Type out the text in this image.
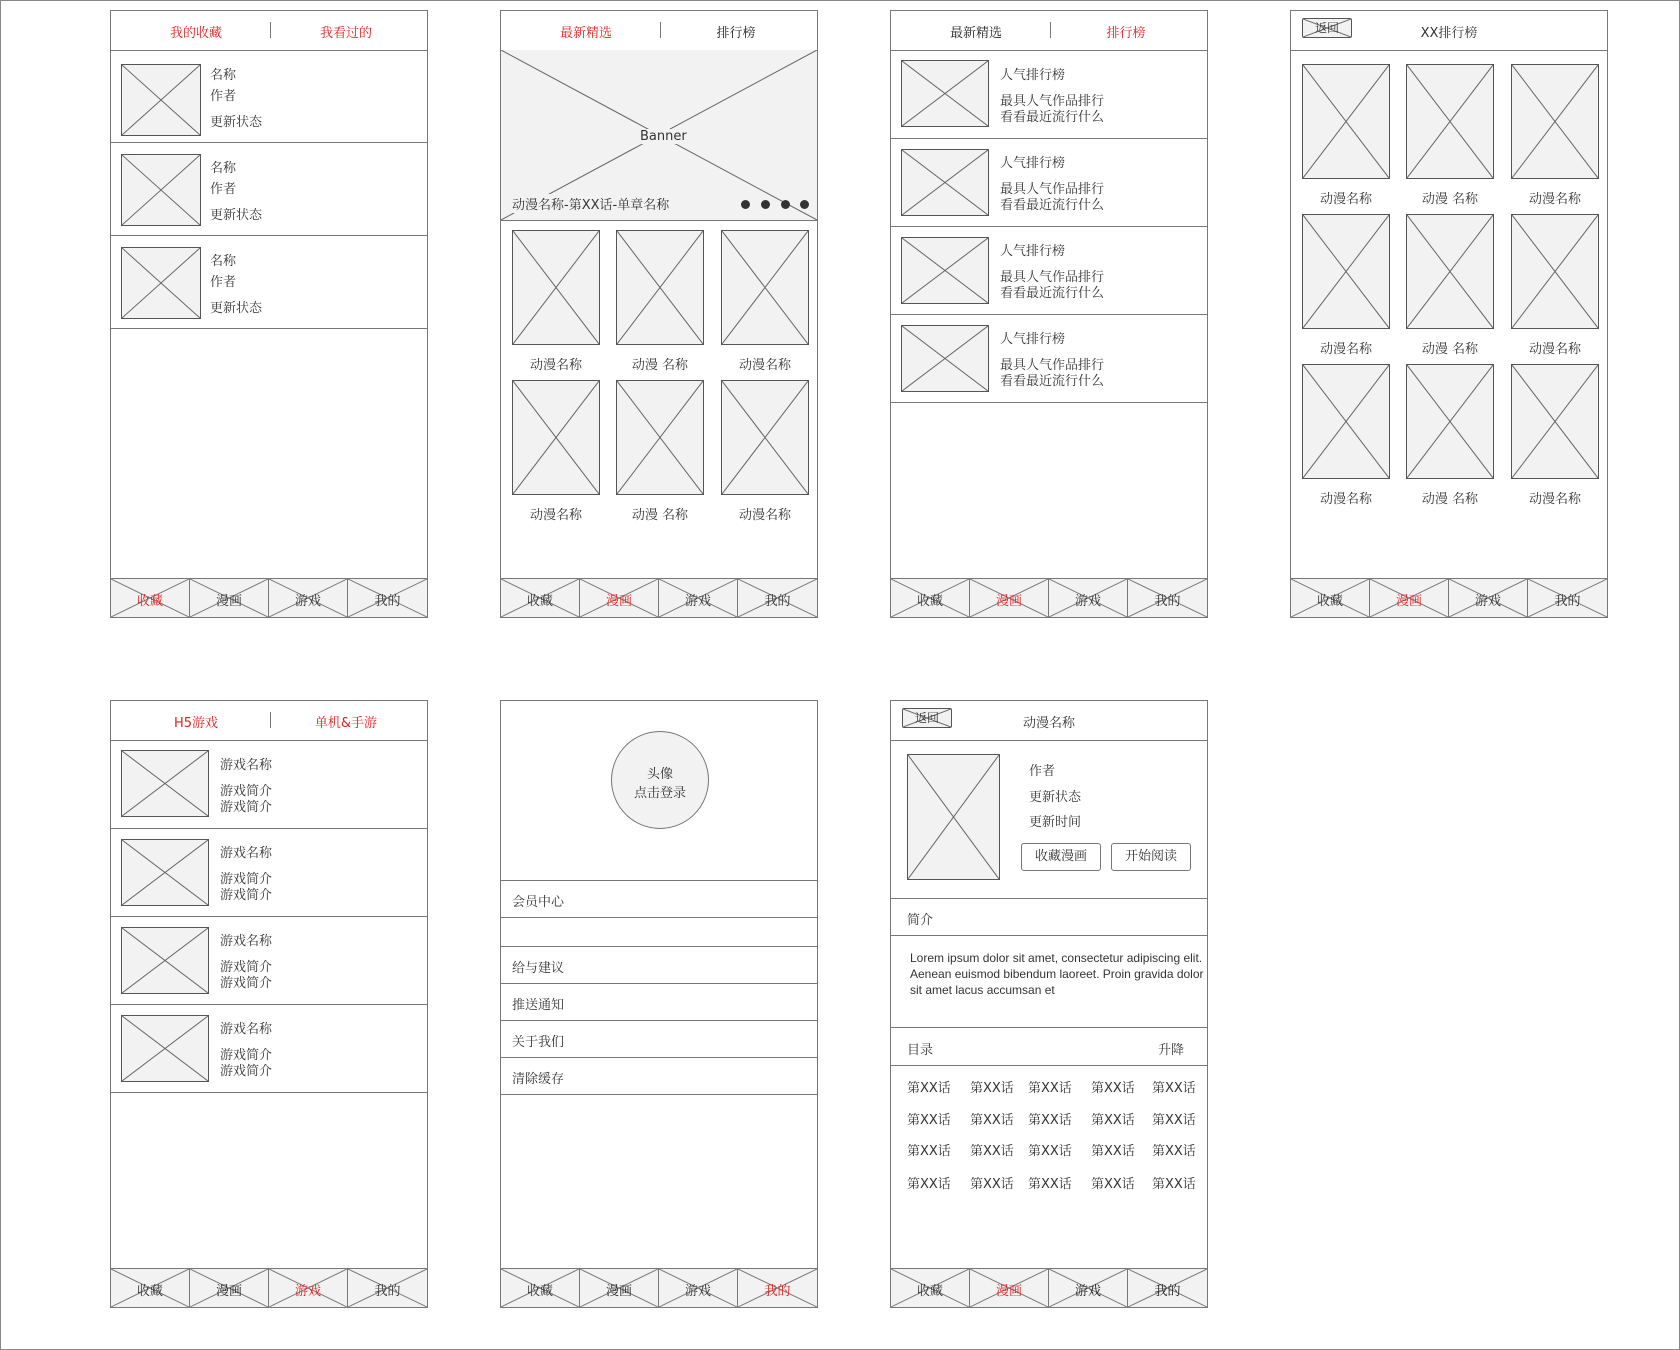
我的收藏	我看过的
名称
作者
更新状态
名称
作者
更新状态
名称
作者
更新状态
收藏	漫画	游戏	我的
最新精选	排行榜
Banner
动漫名称-第XX话-单章名称
动漫名称	动漫 名称	动漫名称
动漫名称	动漫 名称	动漫名称
收藏	漫画	游戏	我的
最新精选	排行榜
人气排行榜
最具人气作品排行
看看最近流行什么
人气排行榜
最具人气作品排行
看看最近流行什么
人气排行榜
最具人气作品排行
看看最近流行什么
人气排行榜
最具人气作品排行
看看最近流行什么
收藏	漫画	游戏	我的
返回	XX排行榜
动漫名称	动漫 名称	动漫名称
动漫名称	动漫 名称	动漫名称
动漫名称	动漫 名称	动漫名称
收藏	漫画	游戏	我的
H5游戏	单机&手游
游戏名称
游戏简介
游戏简介
游戏名称
游戏简介
游戏简介
游戏名称
游戏简介
游戏简介
游戏名称
游戏简介
游戏简介
收藏	漫画	游戏	我的
头像
点击登录
会员中心
给与建议
推送通知
关于我们
清除缓存
收藏	漫画	游戏	我的
返回	动漫名称
作者
更新状态
更新时间
收藏漫画	开始阅读
简介
Lorem ipsum dolor sit amet, consectetur adipiscing elit. Aenean euismod bibendum laoreet. Proin gravida dolor sit amet lacus accumsan et
目录	升降
第XX话 第XX话 第XX话 第XX话 第XX话
第XX话 第XX话 第XX话 第XX话 第XX话
第XX话 第XX话 第XX话 第XX话 第XX话
第XX话 第XX话 第XX话 第XX话 第XX话
收藏	漫画	游戏	我的
